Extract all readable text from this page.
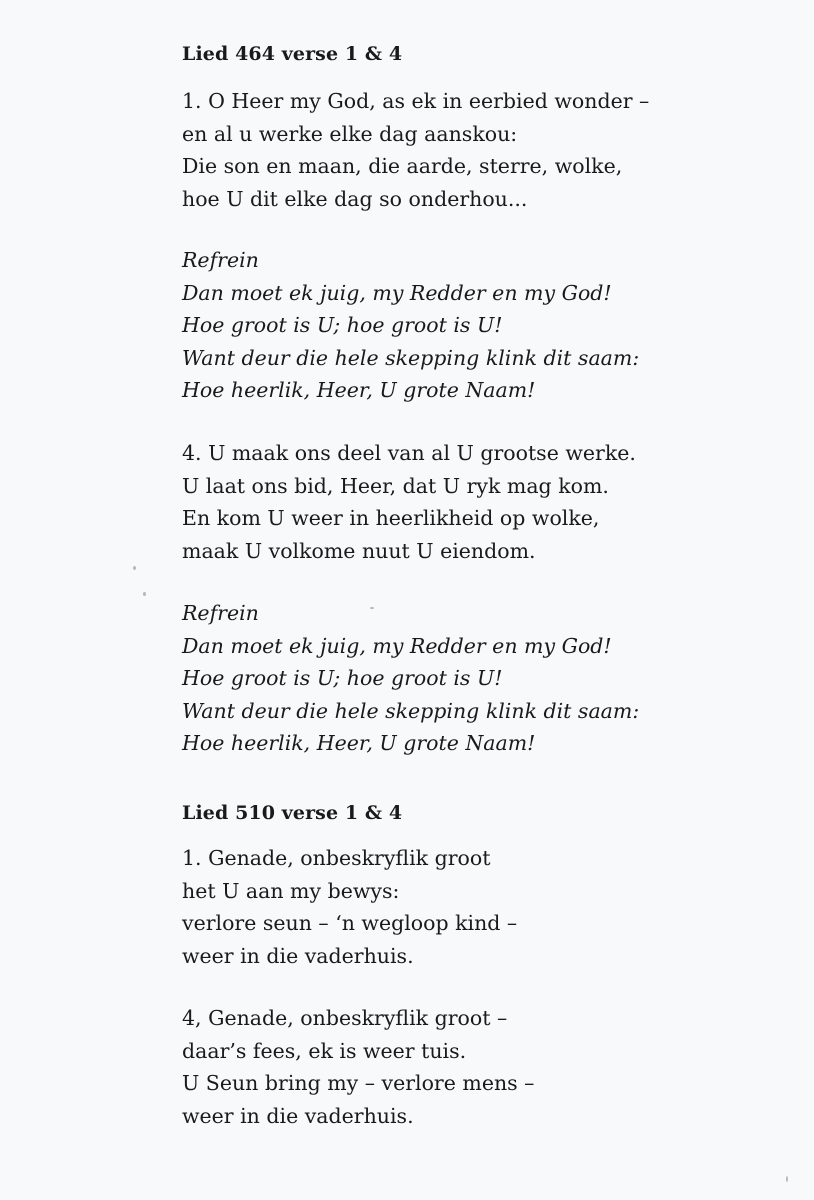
Lied 464 verse 1 & 4
1. O Heer my God, as ek in eerbied wonder –
en al u werke elke dag aanskou:
Die son en maan, die aarde, sterre, wolke,
hoe U dit elke dag so onderhou...
Refrein
Dan moet ek juig, my Redder en my God!
Hoe groot is U; hoe groot is U!
Want deur die hele skepping klink dit saam:
Hoe heerlik, Heer, U grote Naam!
4. U maak ons deel van al U grootse werke.
U laat ons bid, Heer, dat U ryk mag kom.
En kom U weer in heerlikheid op wolke,
maak U volkome nuut U eiendom.
Refrein
Dan moet ek juig, my Redder en my God!
Hoe groot is U; hoe groot is U!
Want deur die hele skepping klink dit saam:
Hoe heerlik, Heer, U grote Naam!
Lied 510 verse 1 & 4
1. Genade, onbeskryflik groot
het U aan my bewys:
verlore seun – ‘n wegloop kind –
weer in die vaderhuis.
4, Genade, onbeskryflik groot –
daar’s fees, ek is weer tuis.
U Seun bring my – verlore mens –
weer in die vaderhuis.
